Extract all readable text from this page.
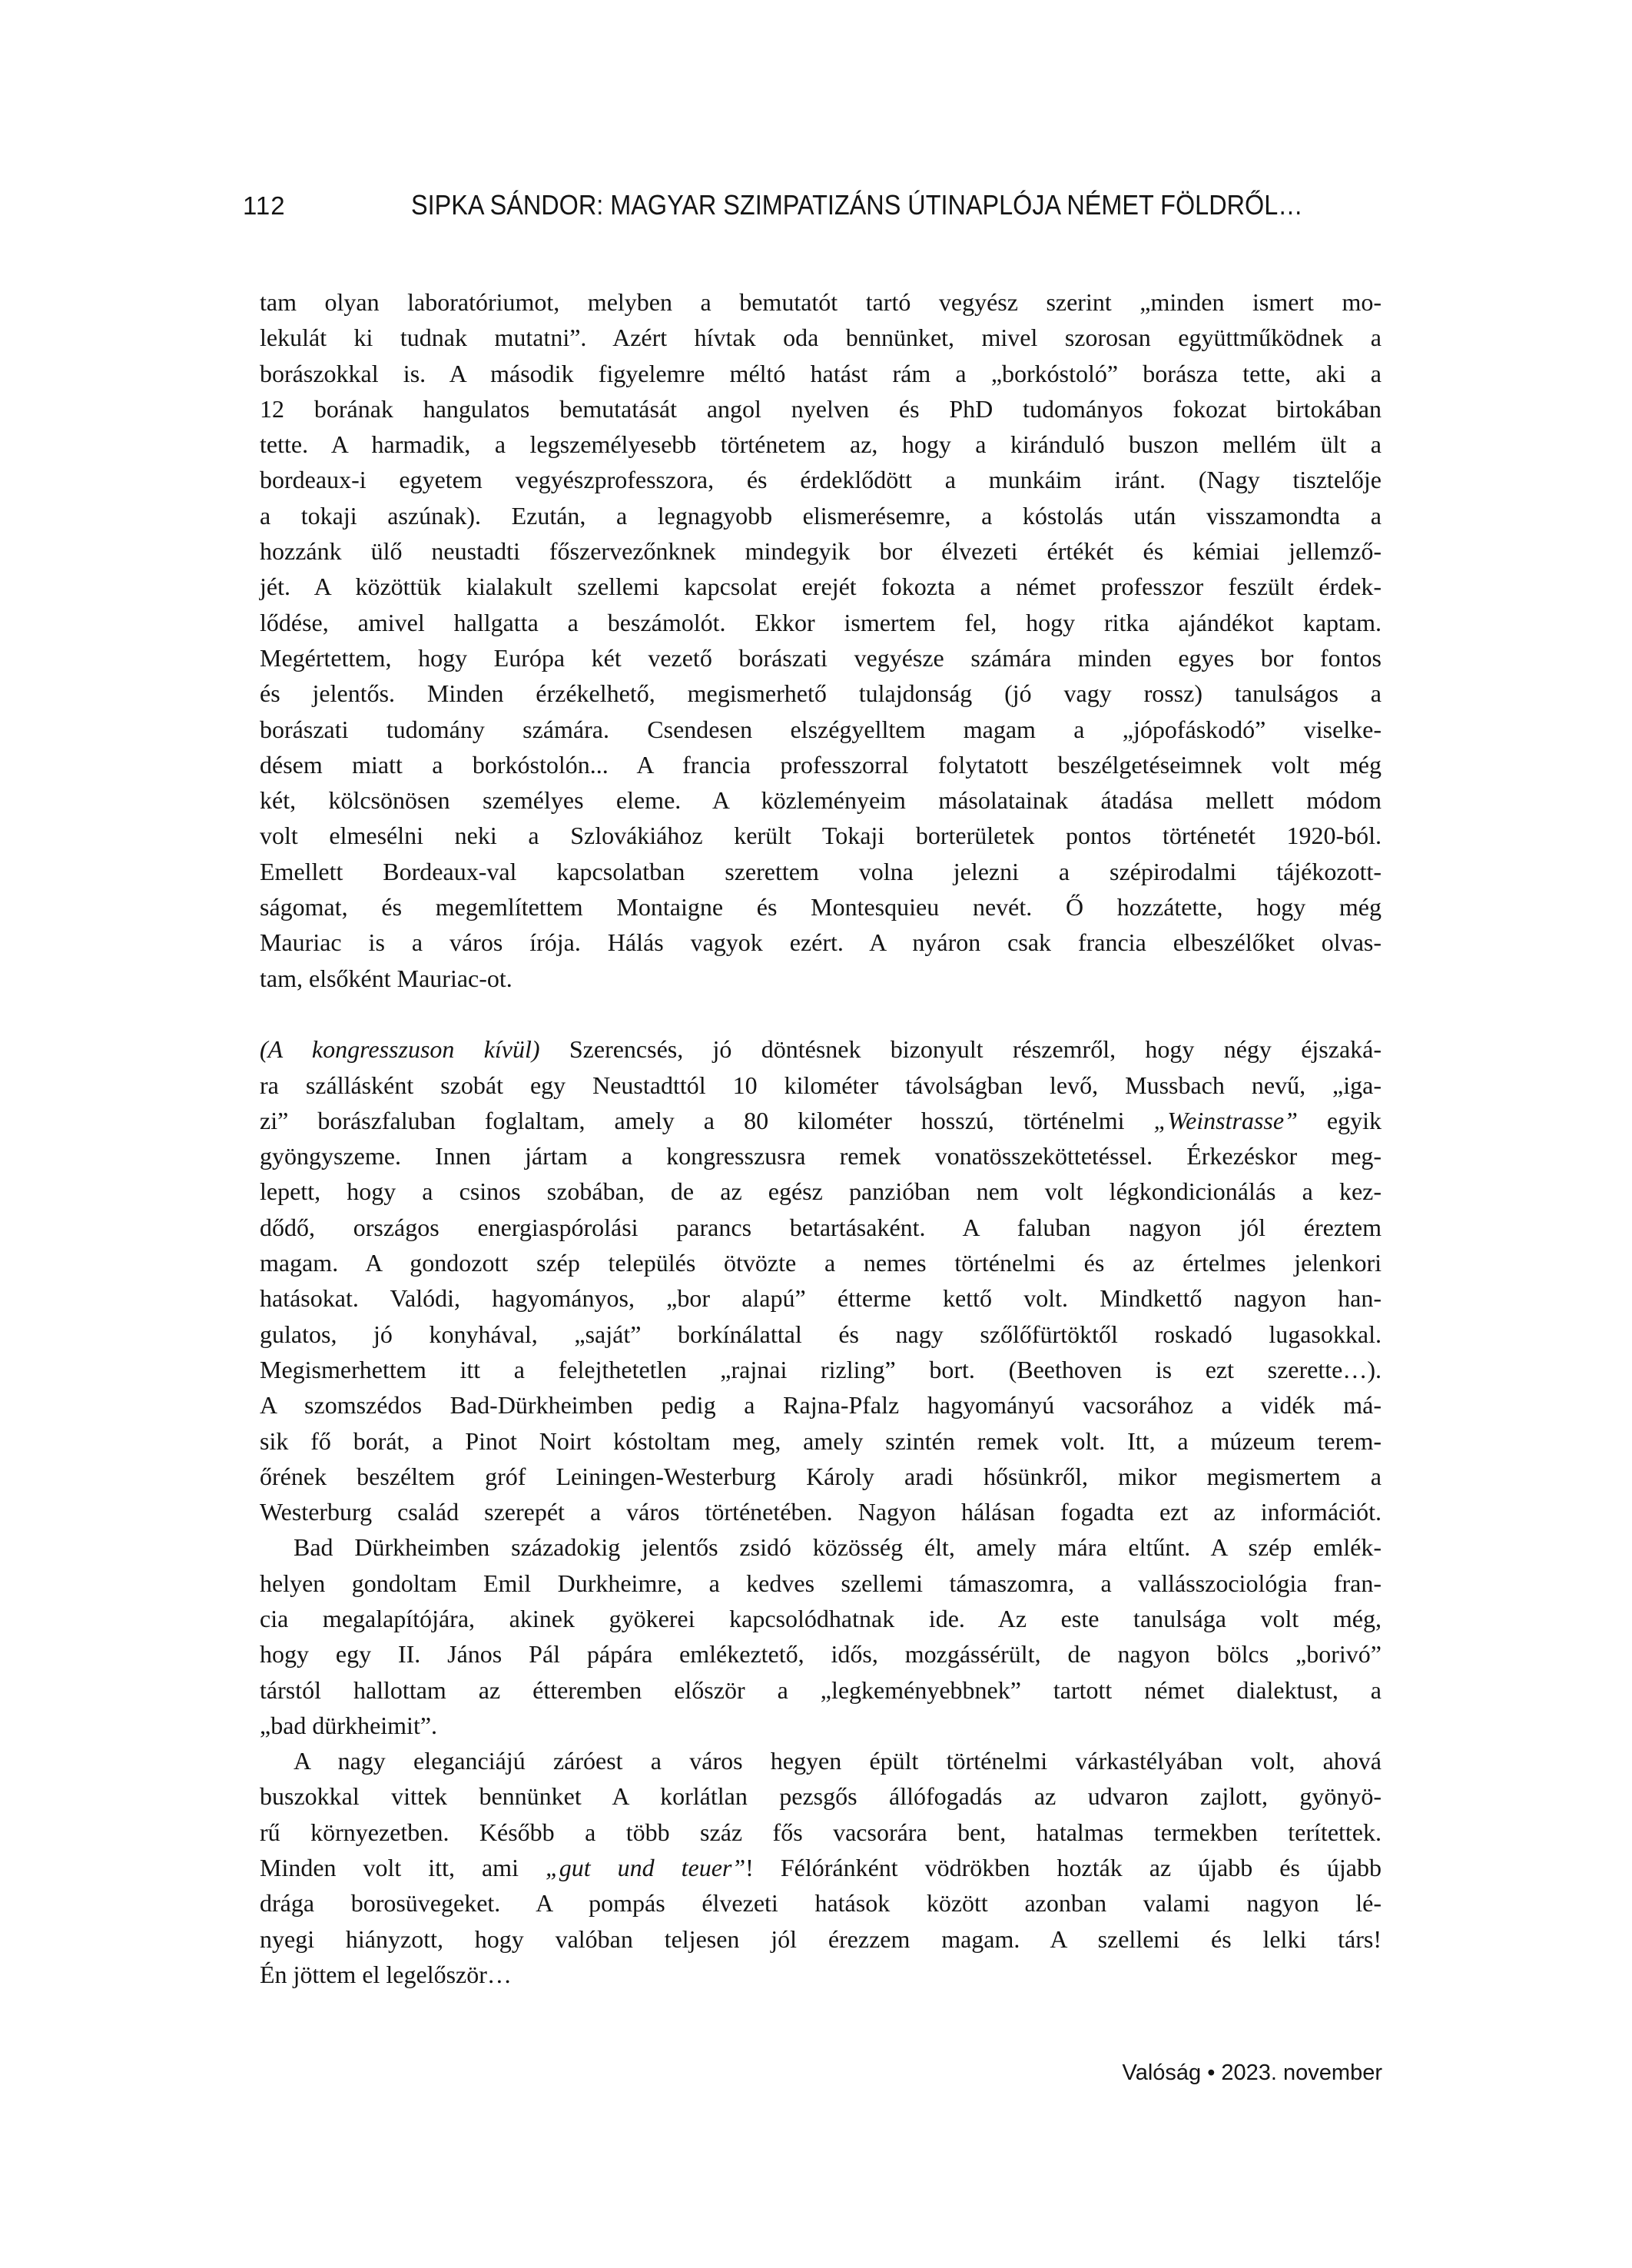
112	SIPKA SÁNDOR: MAGYAR SZIMPATIZÁNS ÚTINAPLÓJA NÉMET FÖLDRŐL…
tam olyan laboratóriumot, melyben a bemutatót tartó vegyész szerint „minden ismert mo-
lekulát ki tudnak mutatni”. Azért hívtak oda bennünket, mivel szorosan együttműködnek a
borászokkal is. A második figyelemre méltó hatást rám a „borkóstoló” borásza tette, aki a
12 borának hangulatos bemutatását angol nyelven és PhD tudományos fokozat birtokában
tette. A harmadik, a legszemélyesebb történetem az, hogy a kiránduló buszon mellém ült a
bordeaux-i egyetem vegyészprofesszora, és érdeklődött a munkáim iránt. (Nagy tisztelője
a tokaji aszúnak). Ezután, a legnagyobb elismerésemre, a kóstolás után visszamondta a
hozzánk ülő neustadti főszervezőnknek mindegyik bor élvezeti értékét és kémiai jellemző-
jét. A közöttük kialakult szellemi kapcsolat erejét fokozta a német professzor feszült érdek-
lődése, amivel hallgatta a beszámolót. Ekkor ismertem fel, hogy ritka ajándékot kaptam.
Megértettem, hogy Európa két vezető borászati vegyésze számára minden egyes bor fontos
és jelentős. Minden érzékelhető, megismerhető tulajdonság (jó vagy rossz) tanulságos a
borászati tudomány számára. Csendesen elszégyelltem magam a „jópofáskodó” viselke-
désem miatt a borkóstolón... A francia professzorral folytatott beszélgetéseimnek volt még
két, kölcsönösen személyes eleme. A közleményeim másolatainak átadása mellett módom
volt elmesélni neki a Szlovákiához került Tokaji borterületek pontos történetét 1920-ból.
Emellett Bordeaux-val kapcsolatban szerettem volna jelezni a szépirodalmi tájékozott-
ságomat, és megemlítettem Montaigne és Montesquieu nevét. Ő hozzátette, hogy még
Mauriac is a város írója. Hálás vagyok ezért. A nyáron csak francia elbeszélőket olvas-
tam, elsőként Mauriac-ot.
(A kongresszuson kívül) Szerencsés, jó döntésnek bizonyult részemről, hogy négy éjszaká-
ra szállásként szobát egy Neustadttól 10 kilométer távolságban levő, Mussbach nevű, „iga-
zi” borászfaluban foglaltam, amely a 80 kilométer hosszú, történelmi „Weinstrasse” egyik
gyöngyszeme. Innen jártam a kongresszusra remek vonatösszeköttetéssel. Érkezéskor meg-
lepett, hogy a csinos szobában, de az egész panzióban nem volt légkondicionálás a kez-
dődő, országos energiaspórolási parancs betartásaként. A faluban nagyon jól éreztem
magam. A gondozott szép település ötvözte a nemes történelmi és az értelmes jelenkori
hatásokat. Valódi, hagyományos, „bor alapú” étterme kettő volt. Mindkettő nagyon han-
gulatos, jó konyhával, „saját” borkínálattal és nagy szőlőfürtöktől roskadó lugasokkal.
Megismerhettem itt a felejthetetlen „rajnai rizling” bort. (Beethoven is ezt szerette…).
A szomszédos Bad-Dürkheimben pedig a Rajna-Pfalz hagyományú vacsorához a vidék má-
sik fő borát, a Pinot Noirt kóstoltam meg, amely szintén remek volt. Itt, a múzeum terem-
őrének beszéltem gróf Leiningen-Westerburg Károly aradi hősünkről, mikor megismertem a
Westerburg család szerepét a város történetében. Nagyon hálásan fogadta ezt az információt.
Bad Dürkheimben századokig jelentős zsidó közösség élt, amely mára eltűnt. A szép emlék-
helyen gondoltam Emil Durkheimre, a kedves szellemi támaszomra, a vallásszociológia fran-
cia megalapítójára, akinek gyökerei kapcsolódhatnak ide. Az este tanulsága volt még,
hogy egy II. János Pál pápára emlékeztető, idős, mozgássérült, de nagyon bölcs „borivó”
társtól hallottam az étteremben először a „legkeményebbnek” tartott német dialektust, a
„bad dürkheimit”.
A nagy eleganciájú záróest a város hegyen épült történelmi várkastélyában volt, ahová
buszokkal vittek bennünket A korlátlan pezsgős állófogadás az udvaron zajlott, gyönyö-
rű környezetben. Később a több száz fős vacsorára bent, hatalmas termekben terítettek.
Minden volt itt, ami „gut und teuer”! Félóránként vödrökben hozták az újabb és újabb
drága borosüvegeket. A pompás élvezeti hatások között azonban valami nagyon lé-
nyegi hiányzott, hogy valóban teljesen jól érezzem magam. A szellemi és lelki társ!
Én jöttem el legelőször…
Valóság • 2023. november
